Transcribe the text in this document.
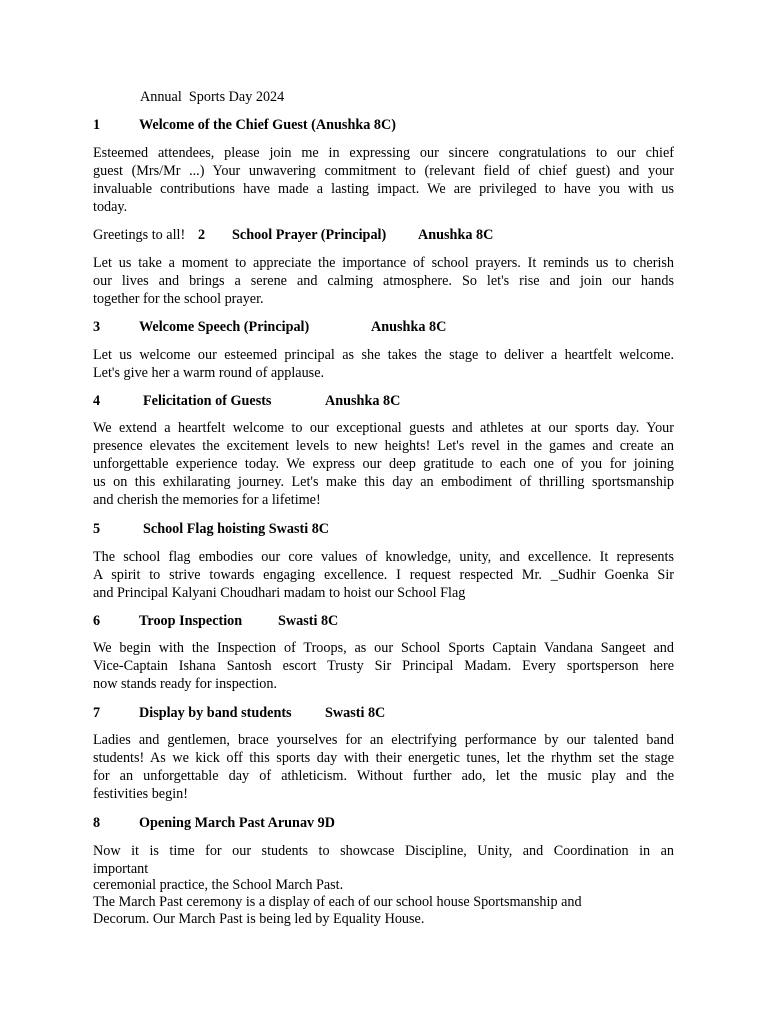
Annual  Sports Day 2024
1	Welcome of the Chief Guest (Anushka 8C)
Esteemed attendees, please join me in expressing our sincere congratulations to our chief
guest (Mrs/Mr ...) Your unwavering commitment to (relevant field of chief guest) and your
invaluable contributions have made a lasting impact. We are privileged to have you with us
today.
Greetings to all! 2 School Prayer (Principal) Anushka 8C
Let us take a moment to appreciate the importance of school prayers. It reminds us to cherish
our lives and brings a serene and calming atmosphere. So let's rise and join our hands
together for the school prayer.
3	Welcome Speech (Principal)	Anushka 8C
Let us welcome our esteemed principal as she takes the stage to deliver a heartfelt welcome.
Let's give her a warm round of applause.
4	Felicitation of Guests	Anushka 8C
We extend a heartfelt welcome to our exceptional guests and athletes at our sports day. Your
presence elevates the excitement levels to new heights! Let's revel in the games and create an
unforgettable experience today. We express our deep gratitude to each one of you for joining
us on this exhilarating journey. Let's make this day an embodiment of thrilling sportsmanship
and cherish the memories for a lifetime!
5	School Flag hoisting Swasti 8C
The school flag embodies our core values of knowledge, unity, and excellence. It represents
A spirit to strive towards engaging excellence. I request respected Mr. _Sudhir Goenka Sir
and Principal Kalyani Choudhari madam to hoist our School Flag
6	Troop Inspection	Swasti 8C
We begin with the Inspection of Troops, as our School Sports Captain Vandana Sangeet and
Vice-Captain Ishana Santosh escort Trusty Sir Principal Madam. Every sportsperson here
now stands ready for inspection.
7	Display by band students Swasti 8C
Ladies and gentlemen, brace yourselves for an electrifying performance by our talented band
students! As we kick off this sports day with their energetic tunes, let the rhythm set the stage
for an unforgettable day of athleticism. Without further ado, let the music play and the
festivities begin!
8	Opening March Past Arunav 9D
Now it is time for our students to showcase Discipline, Unity, and Coordination in an
important
ceremonial practice, the School March Past.
The March Past ceremony is a display of each of our school house Sportsmanship and
Decorum. Our March Past is being led by Equality House.
